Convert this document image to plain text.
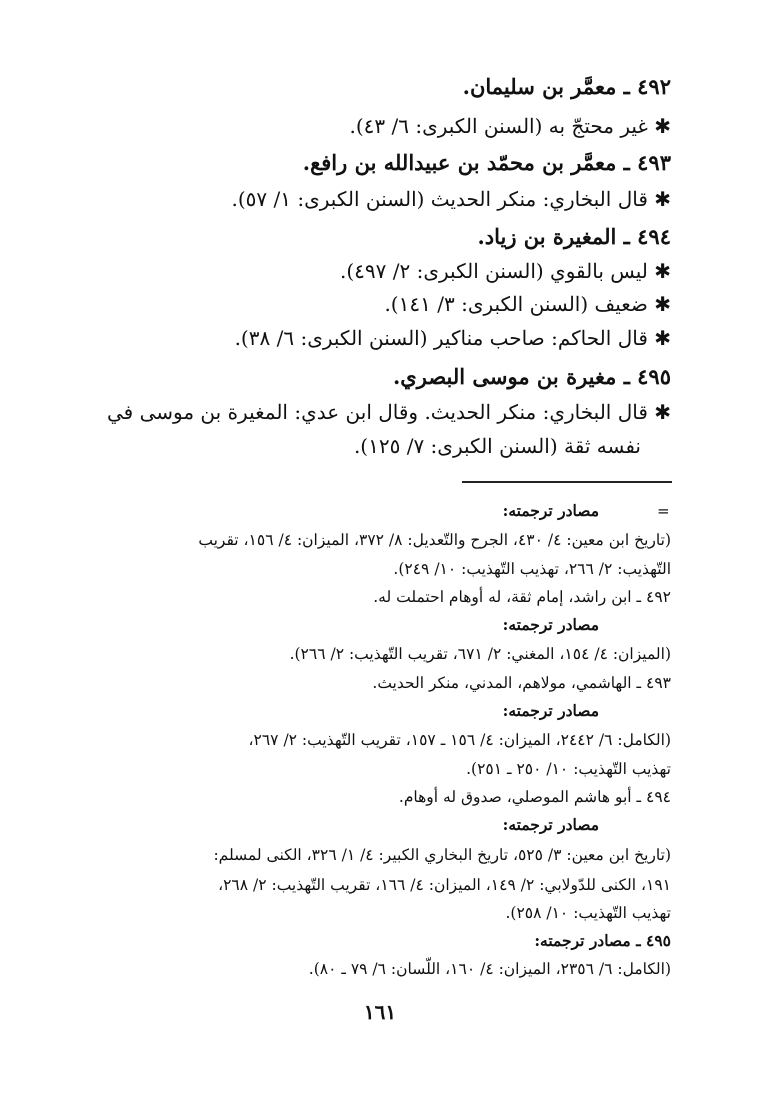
٤٩٢ ـ معمَّر بن سليمان.
✱ غير محتجّ به (السنن الكبرى: ٦/ ٤٣).
٤٩٣ ـ معمَّر بن محمّد بن عبيدالله بن رافع.
✱ قال البخاري: منكر الحديث (السنن الكبرى: ١/ ٥٧).
٤٩٤ ـ المغيرة بن زياد.
✱ ليس بالقوي (السنن الكبرى: ٢/ ٤٩٧).
✱ ضعيف (السنن الكبرى: ٣/ ١٤١).
✱ قال الحاكم: صاحب مناكير (السنن الكبرى: ٦/ ٣٨).
٤٩٥ ـ مغيرة بن موسى البصري.
✱ قال البخاري: منكر الحديث. وقال ابن عدي: المغيرة بن موسى في
نفسه ثقة (السنن الكبرى: ٧/ ١٢٥).
=
مصادر ترجمته:
(تاريخ ابن معين: ٤/ ٤٣٠، الجرح والتّعديل: ٨/ ٣٧٢، الميزان: ٤/ ١٥٦، تقريب
التّهذيب: ٢/ ٢٦٦، تهذيب التّهذيب: ١٠/ ٢٤٩).
٤٩٢ ـ ابن راشد، إمام ثقة، له أوهام احتملت له.
مصادر ترجمته:
(الميزان: ٤/ ١٥٤، المغني: ٢/ ٦٧١، تقريب التّهذيب: ٢/ ٢٦٦).
٤٩٣ ـ الهاشمي، مولاهم، المدني، منكر الحديث.
مصادر ترجمته:
(الكامل: ٦/ ٢٤٤٢، الميزان: ٤/ ١٥٦ ـ ١٥٧، تقريب التّهذيب: ٢/ ٢٦٧،
تهذيب التّهذيب: ١٠/ ٢٥٠ ـ ٢٥١).
٤٩٤ ـ أبو هاشم الموصلي، صدوق له أوهام.
مصادر ترجمته:
(تاريخ ابن معين: ٣/ ٥٢٥، تاريخ البخاري الكبير: ٤/ ١/ ٣٢٦، الكنى لمسلم:
١٩١، الكنى للدّولابي: ٢/ ١٤٩، الميزان: ٤/ ١٦٦، تقريب التّهذيب: ٢/ ٢٦٨،
تهذيب التّهذيب: ١٠/ ٢٥٨).
٤٩٥ ـ مصادر ترجمته:
(الكامل: ٦/ ٢٣٥٦، الميزان: ٤/ ١٦٠، اللّسان: ٦/ ٧٩ ـ ٨٠).
١٦١
